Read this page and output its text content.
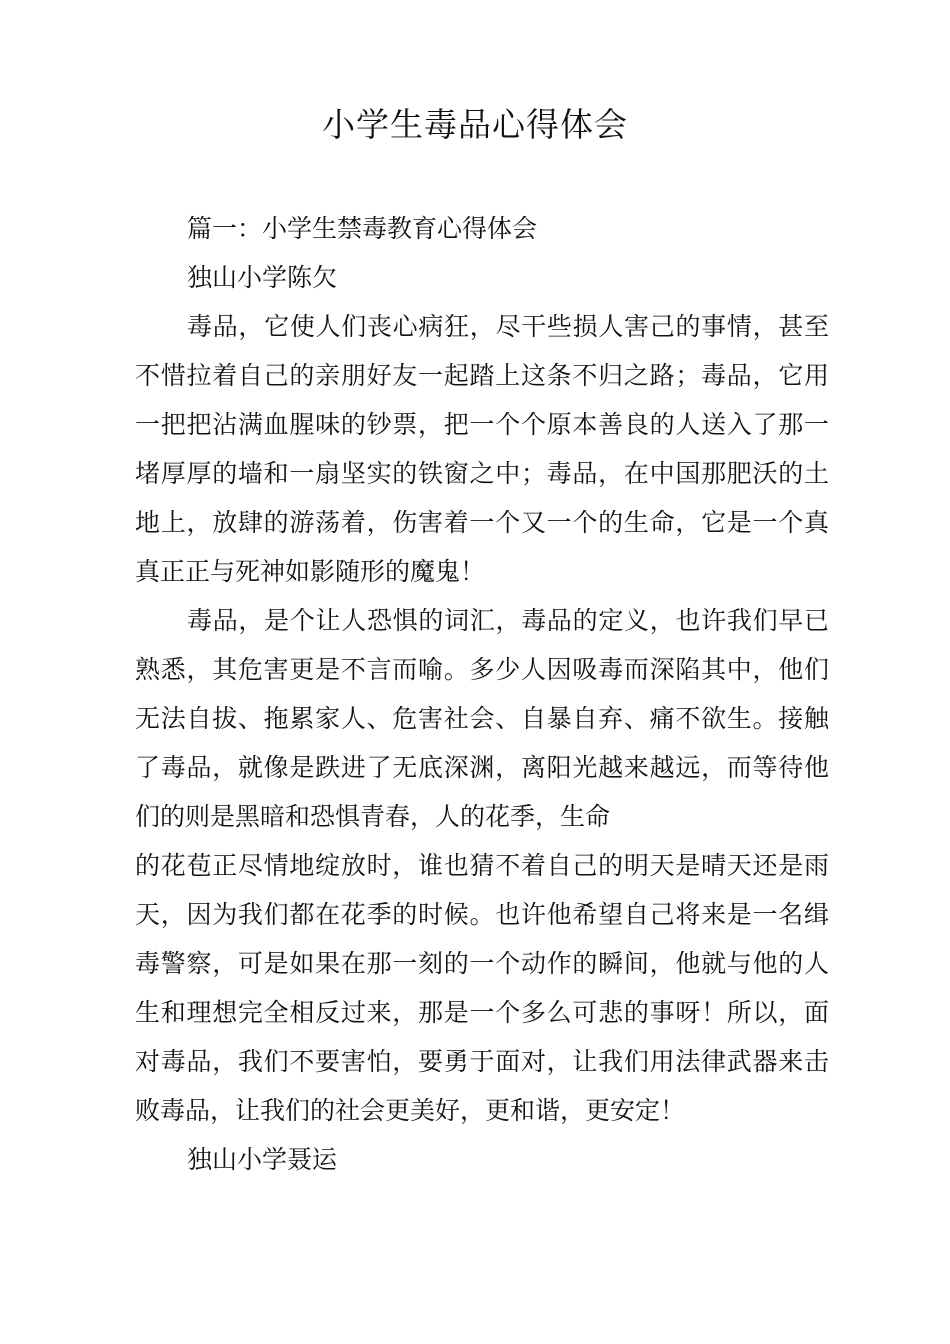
小学生毒品心得体会
篇一：小学生禁毒教育心得体会
独山小学陈欠
毒品，它使人们丧心病狂，尽干些损人害己的事情，甚至
不惜拉着自己的亲朋好友一起踏上这条不归之路；毒品，它用
一把把沾满血腥味的钞票，把一个个原本善良的人送入了那一
堵厚厚的墙和一扇坚实的铁窗之中；毒品，在中国那肥沃的土
地上，放肆的游荡着，伤害着一个又一个的生命，它是一个真
真正正与死神如影随形的魔鬼！
毒品，是个让人恐惧的词汇，毒品的定义，也许我们早已
熟悉，其危害更是不言而喻。多少人因吸毒而深陷其中，他们
无法自拔、拖累家人、危害社会、自暴自弃、痛不欲生。接触
了毒品，就像是跌进了无底深渊，离阳光越来越远，而等待他
们的则是黑暗和恐惧青春，人的花季，生命
的花苞正尽情地绽放时，谁也猜不着自己的明天是晴天还是雨
天，因为我们都在花季的时候。也许他希望自己将来是一名缉
毒警察，可是如果在那一刻的一个动作的瞬间，他就与他的人
生和理想完全相反过来，那是一个多么可悲的事呀！所以，面
对毒品，我们不要害怕，要勇于面对，让我们用法律武器来击
败毒品，让我们的社会更美好，更和谐，更安定！
独山小学聂运
